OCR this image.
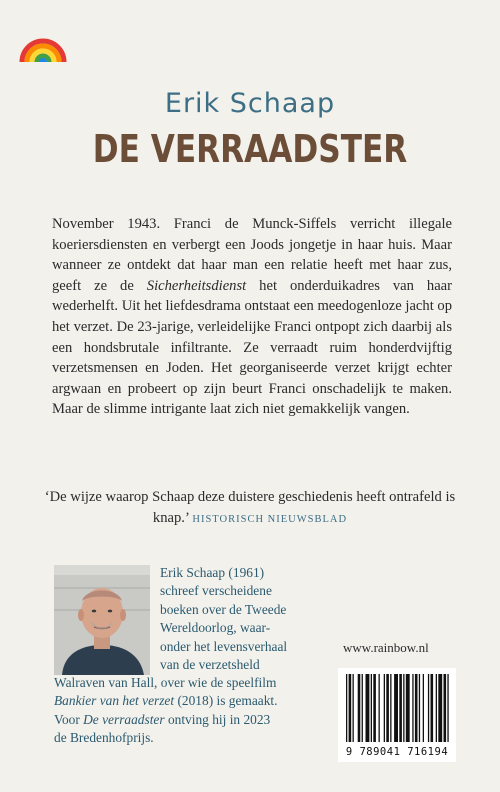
Erik Schaap
DE VERRAADSTER

November 1943. Franci de Munck-Siffels verricht illegale koeriersdiensten en verbergt een Joods jongetje in haar huis. Maar wanneer ze ontdekt dat haar man een relatie heeft met haar zus, geeft ze de Sicherheitsdienst het onderduikadres van haar wederhelft. Uit het liefdesdrama ontstaat een meedogenloze jacht op het verzet. De 23-jarige, verleidelijke Franci ontpopt zich daarbij als een hondsbrutale infiltrante. Ze verraadt ruim honderdvijftig verzetsmensen en Joden. Het georganiseerde verzet krijgt echter argwaan en probeert op zijn beurt Franci onschadelijk te maken. Maar de slimme intrigante laat zich niet gemakkelijk vangen.

‘De wijze waarop Schaap deze duistere geschiedenis heeft ontrafeld is knap.’ HISTORISCH NIEUWSBLAD
Erik Schaap (1961)
schreef verscheidene
boeken over de Tweede
Wereldoorlog, waar-
onder het levensverhaal
van de verzetsheld
Walraven van Hall, over wie de speelfilm
Bankier van het verzet (2018) is gemaakt.
Voor De verraadster ontving hij in 2023
de Bredenhofprijs.
www.rainbow.nl
9 789041 716194
